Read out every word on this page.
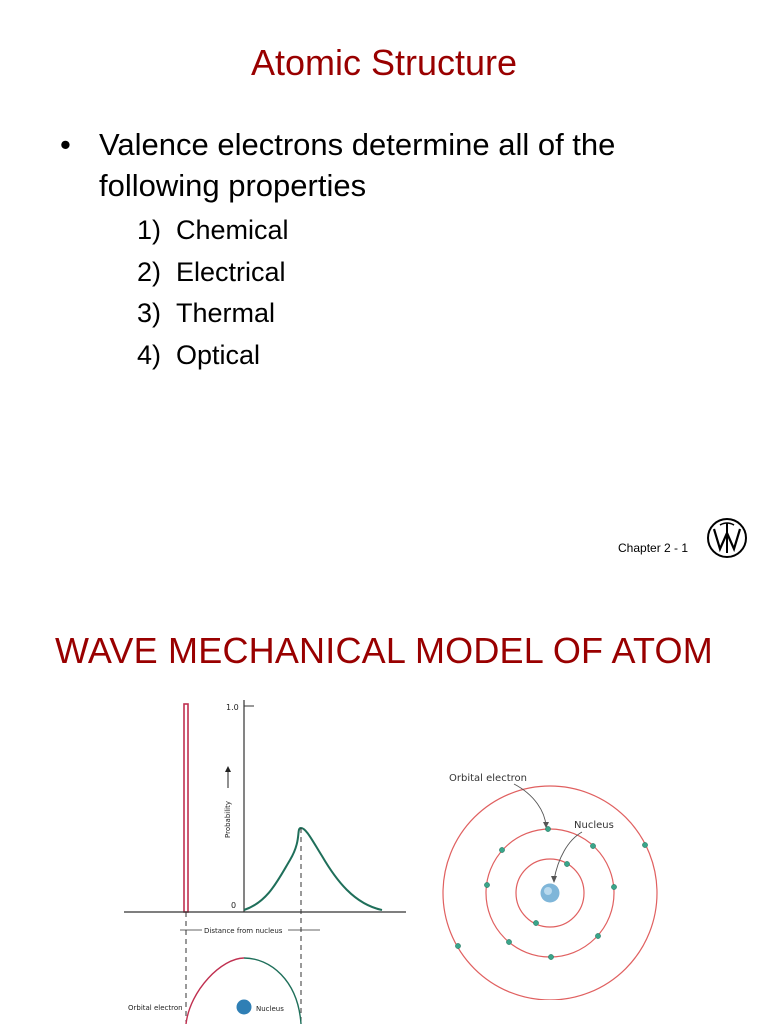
Atomic Structure
• Valence electrons determine all of the following properties
1) Chemical
2) Electrical
3) Thermal
4) Optical
Chapter 2 - 1
WAVE MECHANICAL MODEL OF ATOM
1.0
0
Probability
Distance from nucleus
Orbital electron	Nucleus
Orbital electron
Nucleus
